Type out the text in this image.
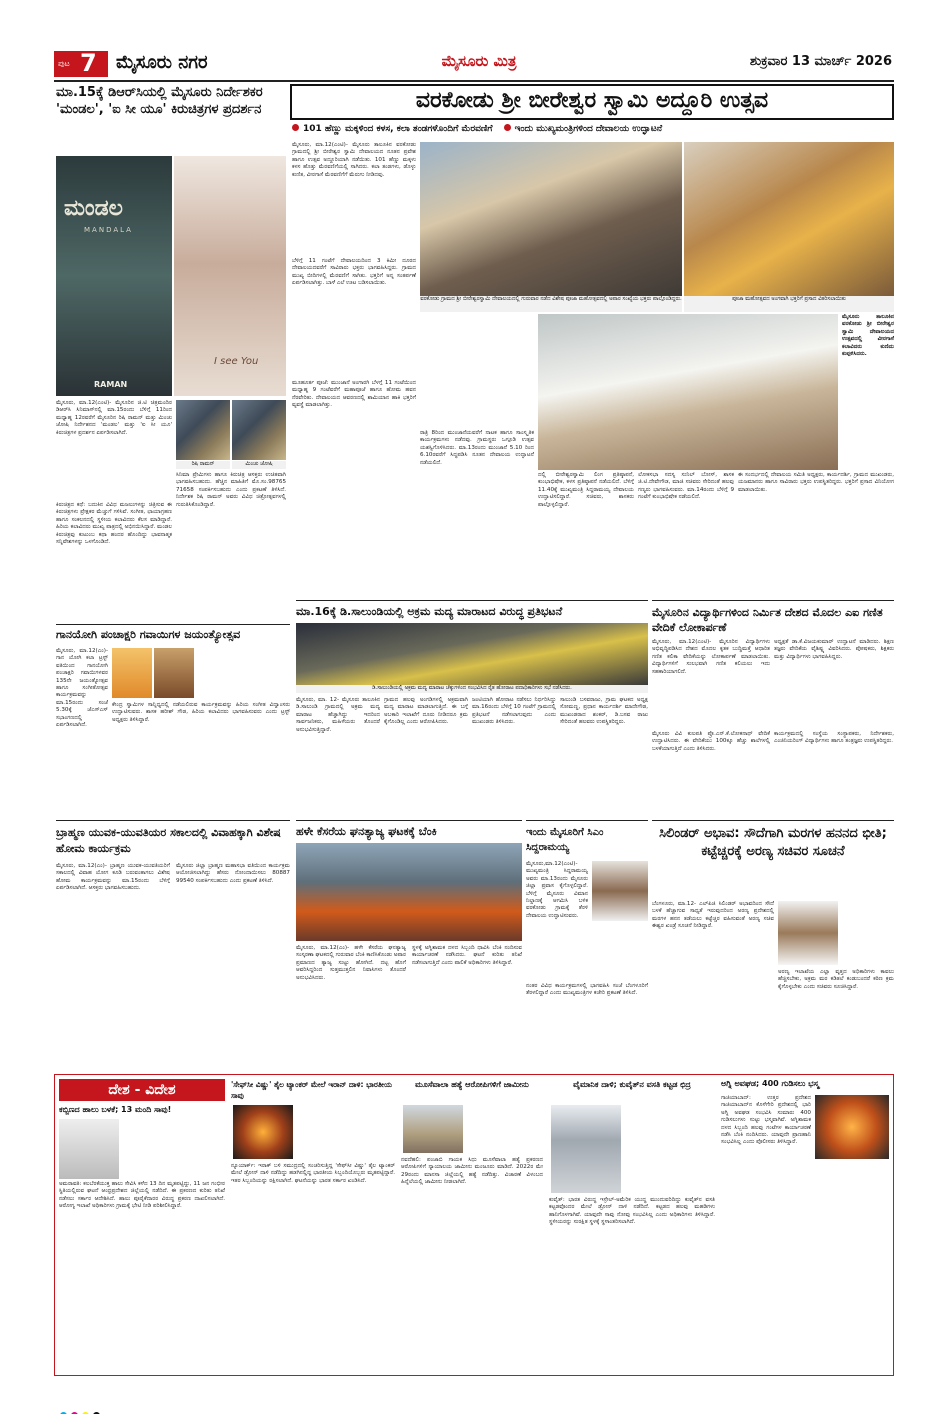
ಪುಟ 7 ಮೈಸೂರು ನಗರ	ಮೈಸೂರು ಮಿತ್ರ	ಶುಕ್ರವಾರ 13 ಮಾರ್ಚ್ 2026
ಮಾ.15ಕ್ಕೆ ಡಿಆರ್‌ಸಿಯಲ್ಲಿ ಮೈಸೂರು ನಿರ್ದೇಶಕರ 'ಮಂಡಲ', 'ಐ ಸೀ ಯೂ' ಕಿರುಚಿತ್ರಗಳ ಪ್ರದರ್ಶನ
ಮಂಡಲ
MANDALA
RAMAN
I see You
ಮೈಸೂರು, ಮಾ.12(ಎಂಟಿ)- ಮೈಸೂರಿನ ಜಿ.ಟಿ ಚಿತ್ರಮಂದಿರ ಡಿಆರ್‌ಸಿ ಸಿನಿಮಾಸ್‌ನಲ್ಲಿ ಮಾ.15ರಂದು ಬೆಳಿಗ್ಗೆ 11ರಿಂದ ಮಧ್ಯಾಹ್ನ 12ರವರೆಗೆ ಮೈಸೂರಿನ ರಿಷಿ ರಾಮನ್ ಮತ್ತು ಮಿಂಚು ಜೋಷಿ ನಿರ್ದೇಶನದ 'ಮಂಡಲ' ಮತ್ತು 'ಐ ಸೀ ಯೂ' ಕಿರುಚಿತ್ರಗಳ ಪ್ರದರ್ಶನ ಏರ್ಪಡಿಸಲಾಗಿದೆ.
ರಿಷಿ ರಾಮನ್	ಮಿಂಚು ಜೋಷಿ
ಸಿನಿಮಾ ಪ್ರೇಮಿಗಳು ಹಾಗೂ ಕಿರುಚಿತ್ರ ಆಸಕ್ತರು ಉಚಿತವಾಗಿ ಭಾಗವಹಿಸಬಹುದು. ಹೆಚ್ಚಿನ ಮಾಹಿತಿಗೆ ಮೊ.ಸಂ.98765 71658 ಸಂಪರ್ಕಿಸಬಹುದು ಎಂದು ಪ್ರಕಟಣೆ ತಿಳಿಸಿದೆ. ನಿರ್ದೇಶಕ ರಿಷಿ ರಾಮನ್ ಅವರು ವಿವಿಧ ಚಿತ್ರೋತ್ಸವಗಳಲ್ಲಿ ಗುರುತಿಸಿಕೊಂಡಿದ್ದಾರೆ.
ಕಿರುಚಿತ್ರದ ಕಥೆ: ಬದುಕಿನ ವಿವಿಧ ಮಜಲುಗಳನ್ನು ಚಿತ್ರಿಸುವ ಈ ಕಿರುಚಿತ್ರಗಳು ಪ್ರೇಕ್ಷಕರ ಮೆಚ್ಚುಗೆ ಗಳಿಸಿವೆ. ಸಂಗೀತ, ಛಾಯಾಗ್ರಹಣ ಹಾಗೂ ಸಂಕಲನದಲ್ಲಿ ಸ್ಥಳೀಯ ಕಲಾವಿದರು ಕೆಲಸ ಮಾಡಿದ್ದಾರೆ. ಹಿರಿಯ ಕಲಾವಿದರು ಮುಖ್ಯ ಪಾತ್ರದಲ್ಲಿ ಅಭಿನಯಿಸಿದ್ದಾರೆ. ಮಂಡಲ ಕಿರುಚಿತ್ರವು ಕುಟುಂಬ ಕಥಾ ಹಂದರ ಹೊಂದಿದ್ದು ಭಾವನಾತ್ಮಕ ಸನ್ನಿವೇಶಗಳನ್ನು ಒಳಗೊಂಡಿದೆ.
ವರಕೋಡು ಶ್ರೀ ಬೀರೇಶ್ವರ ಸ್ವಾಮಿ ಅದ್ದೂರಿ ಉತ್ಸವ
101 ಹೆಣ್ಣು ಮಕ್ಕಳಿಂದ ಕಳಸ, ಕಲಾ ತಂಡಗಳೊಂದಿಗೆ ಮೆರವಣಿಗೆ ಇಂದು ಮುಖ್ಯಮಂತ್ರಿಗಳಿಂದ ದೇವಾಲಯ ಉದ್ಘಾಟನೆ
ಮೈಸೂರು, ಮಾ.12(ಎಂಟಿ)- ಮೈಸೂರು ತಾಲೂಕಿನ ವರಕೋಡು ಗ್ರಾಮದಲ್ಲಿ ಶ್ರೀ ಬೀರೇಶ್ವರ ಸ್ವಾಮಿ ದೇವಾಲಯದ ನೂತನ ಪ್ರವೇಶ ಹಾಗೂ ಉತ್ಸವ ಅದ್ದೂರಿಯಾಗಿ ನಡೆಯಿತು. 101 ಹೆಣ್ಣು ಮಕ್ಕಳು ಕಳಸ ಹೊತ್ತು ಮೆರವಣಿಗೆಯಲ್ಲಿ ಸಾಗಿದರು. ಕಲಾ ತಂಡಗಳು, ಡೊಳ್ಳು ಕುಣಿತ, ವೀರಗಾಸೆ ಮೆರವಣಿಗೆಗೆ ಮೆರುಗು ನೀಡಿದವು.
ಬೆಳಿಗ್ಗೆ 11 ಗಂಟೆಗೆ ದೇವಾಲಯದಿಂದ 3 ಕಿಮೀ ದೂರದ ದೇವಾಲಯದವರೆಗೆ ಸಾವಿರಾರು ಭಕ್ತರು ಭಾಗವಹಿಸಿದ್ದರು. ಗ್ರಾಮದ ಮುಖ್ಯ ಬೀದಿಗಳಲ್ಲಿ ಮೆರವಣಿಗೆ ಸಾಗಿತು. ಭಕ್ತರಿಗೆ ಅನ್ನ ಸಂತರ್ಪಣೆ ಏರ್ಪಡಿಸಲಾಗಿತ್ತು. ಬಾಳೆ ಎಲೆ ಊಟ ಬಡಿಸಲಾಯಿತು.
ಮೂಹೂರ್ತ ಪೂಜೆ: ಮುಂಜಾನೆ ಅಂಗಾರಗಿ ಬೆಳಗ್ಗೆ 11 ಗಂಟೆಯಿಂದ ಮಧ್ಯಾಹ್ನ 9 ಗಂಟೆವರೆಗೆ ಮಹಾಪೂಜೆ ಹಾಗೂ ಹೋಮ ಹವನ ನೆರವೇರಿತು. ದೇವಾಲಯದ ಆವರಣದಲ್ಲಿ ಶಾಮಿಯಾನ ಹಾಕಿ ಭಕ್ತರಿಗೆ ವ್ಯವಸ್ಥೆ ಮಾಡಲಾಗಿತ್ತು.
ರಾತ್ರಿ 8ರಿಂದ ಮುಂಜಾನೆಯವರೆಗೆ ನಾಟಕ ಹಾಗೂ ಸಾಂಸ್ಕೃತಿಕ ಕಾರ್ಯಕ್ರಮಗಳು ನಡೆದವು. ಗ್ರಾಮಸ್ಥರು ಒಗ್ಗೂಡಿ ಉತ್ಸವ ಯಶಸ್ವಿಗೊಳಿಸಿದರು. ಮಾ.13ರಂದು ಮುಂಜಾನೆ 5.10 ರಿಂದ 6.10ರವರೆಗೆ ಸಿದ್ಧಪಡಿಸಿ ನೂತನ ದೇವಾಲಯ ಉದ್ಘಾಟನೆ ನಡೆಯಲಿದೆ.
ವರಕೋಡು ಗ್ರಾಮದ ಶ್ರೀ ಬೀರೇಶ್ವರಸ್ವಾಮಿ ದೇವಾಲಯದಲ್ಲಿ ಗುರುವಾರ ನಡೆದ ವಿಶೇಷ ಪೂಜಾ ಮಹೋತ್ಸವದಲ್ಲಿ ಅಪಾರ ಸಂಖ್ಯೆಯ ಭಕ್ತರು ಪಾಲ್ಗೊಂಡಿದ್ದರು.	ಪೂಜಾ ಮಹೋತ್ಸವದ ಅಂಗವಾಗಿ ಭಕ್ತರಿಗೆ ಪ್ರಸಾದ ವಿತರಿಸಲಾಯಿತು
ಮೈಸೂರು ತಾಲೂಕಿನ ವರಕೋಡು ಶ್ರೀ ಬೀರೇಶ್ವರ ಸ್ವಾಮಿ ದೇವಾಲಯದ ಉತ್ಸವದಲ್ಲಿ ವೀರಗಾಸೆ ಕಲಾವಿದರು ಕುಣಿದು ಕುಪ್ಪಳಿಸಿದರು.
ದಲ್ಲಿ ಬೀರೇಶ್ವರಸ್ವಾಮಿ ಲಿಂಗ ಪ್ರತಿಷ್ಠಾಪನೆ, ಕುಂಭಾಭಿಷೇಕ, ಕಳಸ ಪ್ರತಿಷ್ಠಾಪನೆ ನಡೆಯಲಿದೆ. ಬೆಳಿಗ್ಗೆ 11.40ಕ್ಕೆ ಮುಖ್ಯಮಂತ್ರಿ ಸಿದ್ದರಾಮಯ್ಯ ದೇವಾಲಯ ಉದ್ಘಾಟಿಸಲಿದ್ದಾರೆ. ಸಚಿವರು, ಶಾಸಕರು ಪಾಲ್ಗೊಳ್ಳಲಿದ್ದಾರೆ.
ಲೋಕಸಭಾ ಸದಸ್ಯ ಸುನಿಲ್ ಬೋಸ್, ಶಾಸಕ ಜಿ.ಟಿ.ದೇವೇಗೌಡ, ಮಾಜಿ ಸಚಿವರು ಸೇರಿದಂತೆ ಹಲವು ಗಣ್ಯರು ಭಾಗವಹಿಸುವರು. ಮಾ.14ರಂದು ಬೆಳಿಗ್ಗೆ 9 ಗಂಟೆಗೆ ಕುಂಭಾಭಿಷೇಕ ನಡೆಯಲಿದೆ.
ಈ ಸಂದರ್ಭದಲ್ಲಿ ದೇವಾಲಯ ಸಮಿತಿ ಅಧ್ಯಕ್ಷರು, ಕಾರ್ಯದರ್ಶಿ, ಗ್ರಾಮದ ಮುಖಂಡರು, ಯಜಮಾನರು ಹಾಗೂ ಸಾವಿರಾರು ಭಕ್ತರು ಉಪಸ್ಥಿತರಿದ್ದರು. ಭಕ್ತರಿಗೆ ಪ್ರಸಾದ ವಿನಿಯೋಗ ಮಾಡಲಾಯಿತು.
ಗಾನಯೋಗಿ ಪಂಚಾಕ್ಷರಿ ಗವಾಯಿಗಳ ಜಯಂತ್ಯೋತ್ಸವ
ಮೈಸೂರು, ಮಾ.12(ಎಂ)- ಗಾನ ಯೋಗಿ ಕಲಾ ಟ್ರಸ್ಟ್ ವತಿಯಿಂದ ಗಾನಯೋಗಿ ಪಂಚಾಕ್ಷರಿ ಗವಾಯಿಗಳವರ 135ನೇ ಜಯಂತ್ಯೋತ್ಸವ ಹಾಗೂ ಸಂಗೀತೋತ್ಸವ ಕಾರ್ಯಕ್ರಮವನ್ನು ಮಾ.15ರಂದು ಸಂಜೆ 5.30ಕ್ಕೆ ಜೆಎಸ್‌ಎಸ್ ಸಭಾಂಗಣದಲ್ಲಿ ಏರ್ಪಡಿಸಲಾಗಿದೆ.
ಕೇಂದ್ರ ಸ್ವಾಮಿಗಳ ಸಾನ್ನಿಧ್ಯದಲ್ಲಿ ನಡೆಯಲಿರುವ ಕಾರ್ಯಕ್ರಮವನ್ನು ಹಿರಿಯ ಸಂಗೀತ ವಿದ್ವಾಂಸರು ಉದ್ಘಾಟಿಸುವರು. ಶಾಸಕ ಹರೀಶ್ ಗೌಡ, ಹಿರಿಯ ಕಲಾವಿದರು ಭಾಗವಹಿಸುವರು ಎಂದು ಟ್ರಸ್ಟ್ ಅಧ್ಯಕ್ಷರು ತಿಳಿಸಿದ್ದಾರೆ.
ಮಾ.16ಕ್ಕೆ ಡಿ.ಸಾಲುಂಡಿಯಲ್ಲಿ ಅಕ್ರಮ ಮದ್ಯ ಮಾರಾಟದ ವಿರುದ್ಧ ಪ್ರತಿಭಟನೆ
ಡಿ.ಸಾಲುಂಡಿಯಲ್ಲಿ ಅಕ್ರಮ ಮದ್ಯ ಮಾರಾಟ ಚೆಕ್ಕುಗಳಿಂದ ಸಂಭವಿಸಿದ ರೈತ ಹೋರಾಟ ಪದಾಧಿಕಾರಿಗಳು ಸಭೆ ನಡೆಸಿದರು.
ಮೈಸೂರು, ಮಾ. 12- ಮೈಸೂರು ತಾಲೂಕಿನ ಡಿ.ಸಾಲುಂಡಿ ಗ್ರಾಮದಲ್ಲಿ ಅಕ್ರಮ ಮದ್ಯ ಮಾರಾಟ ಹೆಚ್ಚಾಗಿದ್ದು ಇದರಿಂದ ಸಾರ್ವಜನಿಕರು, ಮಹಿಳೆಯರು ತೊಂದರೆ ಅನುಭವಿಸುತ್ತಿದ್ದಾರೆ.
ಗ್ರಾಮದ ಹಲವು ಅಂಗಡಿಗಳಲ್ಲಿ ಅಕ್ರಮವಾಗಿ ಮದ್ಯ ಮಾರಾಟ ಮಾಡಲಾಗುತ್ತಿದೆ. ಈ ಬಗ್ಗೆ ಅಬಕಾರಿ ಇಲಾಖೆಗೆ ದೂರು ನೀಡಿದರೂ ಕ್ರಮ ಕೈಗೊಂಡಿಲ್ಲ ಎಂದು ಆರೋಪಿಸಿದರು.
ಜಂಟಿಯಾಗಿ ಹೋರಾಟ ನಡೆಸಲು ನಿರ್ಧರಿಸಿದ್ದು ಮಾ.16ರಂದು ಬೆಳಿಗ್ಗೆ 10 ಗಂಟೆಗೆ ಗ್ರಾಮದಲ್ಲಿ ಪ್ರತಿಭಟನೆ ನಡೆಸಲಾಗುವುದು ಎಂದು ಮುಖಂಡರು ತಿಳಿಸಿದರು.
ಸಾಲುಂಡಿ ಬಸವರಾಜು, ಗ್ರಾಮ ಘಟಕದ ಅಧ್ಯಕ್ಷ ಸೋಮಣ್ಣ, ಪ್ರಧಾನ ಕಾರ್ಯದರ್ಶಿ ಮಾದೇಗೌಡ, ಮುಖಂಡರಾದ ಶಂಕರ್, ಡಿ.ಬಸವ ರಾಜು ಸೇರಿದಂತೆ ಹಲವರು ಉಪಸ್ಥಿತರಿದ್ದರು.
ಮೈಸೂರಿನ ವಿದ್ಯಾರ್ಥಿಗಳಿಂದ ನಿರ್ಮಿತ ದೇಶದ ಮೊದಲ ಎಐ ಗಣಿತ ವೇದಿಕೆ ಲೋಕಾರ್ಪಣೆ
ಮೈಸೂರು, ಮಾ.12(ಎಂಟಿ)- ಮೈಸೂರಿನ ವಿದ್ಯಾರ್ಥಿಗಳು ಅಭಿವೃದ್ಧಿಪಡಿಸಿದ ದೇಶದ ಮೊದಲ ಕೃತಕ ಬುದ್ಧಿಮತ್ತೆ ಆಧಾರಿತ ಗಣಿತ ಕಲಿಕಾ ವೇದಿಕೆಯನ್ನು ಲೋಕಾರ್ಪಣೆ ಮಾಡಲಾಯಿತು. ವಿದ್ಯಾರ್ಥಿಗಳಿಗೆ ಸುಲಭವಾಗಿ ಗಣಿತ ಕಲಿಯಲು ಇದು ಸಹಕಾರಿಯಾಗಲಿದೆ.
ಮೈಸೂರು ವಿವಿ ಕುಲಪತಿ ಪ್ರೊ.ಎನ್.ಕೆ.ಲೋಕನಾಥ್ ವೇದಿಕೆ ಉದ್ಘಾಟಿಸಿದರು. ಈ ವೇದಿಕೆಯು 100ಕ್ಕೂ ಹೆಚ್ಚು ಶಾಲೆಗಳಲ್ಲಿ ಬಳಕೆಯಾಗುತ್ತಿದೆ ಎಂದು ತಿಳಿಸಿದರು.
ಅಧ್ಯಕ್ಷತೆ ಡಾ.ಕೆ.ವಿಜಯಕುಮಾರ್ ಉದ್ಘಾಟನೆ ಮಾಡಿದರು. ಶಿಕ್ಷಣ ತಜ್ಞರು ವೇದಿಕೆಯ ವೈಶಿಷ್ಟ್ಯ ವಿವರಿಸಿದರು. ಪೋಷಕರು, ಶಿಕ್ಷಕರು ಮತ್ತು ವಿದ್ಯಾರ್ಥಿಗಳು ಭಾಗವಹಿಸಿದ್ದರು.
ಕಾರ್ಯಕ್ರಮದಲ್ಲಿ ಸಂಸ್ಥೆಯ ಸಂಸ್ಥಾಪಕರು, ನಿರ್ದೇಶಕರು, ಎಂಜಿನಿಯರಿಂಗ್ ವಿದ್ಯಾರ್ಥಿಗಳು ಹಾಗೂ ತಂತ್ರಜ್ಞರು ಉಪಸ್ಥಿತರಿದ್ದರು.
ಬ್ರಾಹ್ಮಣ ಯುವಕ-ಯುವತಿಯರ ಸಕಾಲದಲ್ಲಿ ವಿವಾಹಕ್ಕಾಗಿ ವಿಶೇಷ ಹೋಮ ಕಾರ್ಯಕ್ರಮ
ಮೈಸೂರು, ಮಾ.12(ಎಂ)- ಬ್ರಾಹ್ಮಣ ಯುವಕ-ಯುವತಿಯರಿಗೆ ಸಕಾಲದಲ್ಲಿ ವಿವಾಹ ಯೋಗ ಕೂಡಿ ಬರುವಂತಾಗಲು ವಿಶೇಷ ಹೋಮ ಕಾರ್ಯಕ್ರಮವನ್ನು ಮಾ.15ರಂದು ಬೆಳಿಗ್ಗೆ ಏರ್ಪಡಿಸಲಾಗಿದೆ. ಆಸಕ್ತರು ಭಾಗವಹಿಸಬಹುದು.
ಮೈಸೂರು ಜಿಲ್ಲಾ ಬ್ರಾಹ್ಮಣ ಮಹಾಸಭಾ ವತಿಯಿಂದ ಕಾರ್ಯಕ್ರಮ ಆಯೋಜಿಸಲಾಗಿದ್ದು ಹೆಸರು ನೋಂದಾಯಿಸಲು 80887 99540 ಸಂಪರ್ಕಿಸಬಹುದು ಎಂದು ಪ್ರಕಟಣೆ ತಿಳಿಸಿದೆ.
ಹಳೇ ಕೆಸರೆಯ ಘನತ್ಯಾಜ್ಯ ಘಟಕಕ್ಕೆ ಬೆಂಕಿ
ಮೈಸೂರು, ಮಾ.12(ಎಂ)- ಹಳೇ ಕೆಸರೆಯ ಘನತ್ಯಾಜ್ಯ ಸಂಸ್ಕರಣಾ ಘಟಕದಲ್ಲಿ ಗುರುವಾರ ಬೆಂಕಿ ಕಾಣಿಸಿಕೊಂಡು ಅಪಾರ ಪ್ರಮಾಣದ ತ್ಯಾಜ್ಯ ಸುಟ್ಟು ಹೋಗಿದೆ. ದಟ್ಟ ಹೊಗೆ ಆವರಿಸಿದ್ದರಿಂದ ಸುತ್ತಮುತ್ತಲಿನ ನಿವಾಸಿಗಳು ತೊಂದರೆ ಅನುಭವಿಸಿದರು.
ಸ್ಥಳಕ್ಕೆ ಅಗ್ನಿಶಾಮಕ ದಳದ ಸಿಬ್ಬಂದಿ ಧಾವಿಸಿ ಬೆಂಕಿ ನಂದಿಸುವ ಕಾರ್ಯಾಚರಣೆ ನಡೆಸಿದರು. ಘಟನೆ ಕುರಿತು ತನಿಖೆ ನಡೆಸಲಾಗುತ್ತಿದೆ ಎಂದು ಪಾಲಿಕೆ ಅಧಿಕಾರಿಗಳು ತಿಳಿಸಿದ್ದಾರೆ.
ಇಂದು ಮೈಸೂರಿಗೆ ಸಿಎಂ ಸಿದ್ದರಾಮಯ್ಯ
ಮೈಸೂರು,ಮಾ.12(ಎಂಟಿ)- ಮುಖ್ಯಮಂತ್ರಿ ಸಿದ್ದರಾಮಯ್ಯ ಅವರು ಮಾ.13ರಂದು ಮೈಸೂರು ಜಿಲ್ಲಾ ಪ್ರವಾಸ ಕೈಗೊಳ್ಳಲಿದ್ದಾರೆ. ಬೆಳಿಗ್ಗೆ ಮೈಸೂರು ವಿಮಾನ ನಿಲ್ದಾಣಕ್ಕೆ ಆಗಮಿಸಿ ಬಳಿಕ ವರಕೋಡು ಗ್ರಾಮಕ್ಕೆ ತೆರಳಿ ದೇವಾಲಯ ಉದ್ಘಾಟಿಸುವರು.
ನಂತರ ವಿವಿಧ ಕಾರ್ಯಕ್ರಮಗಳಲ್ಲಿ ಭಾಗವಹಿಸಿ ಸಂಜೆ ಬೆಂಗಳೂರಿಗೆ ತೆರಳಲಿದ್ದಾರೆ ಎಂದು ಮುಖ್ಯಮಂತ್ರಿಗಳ ಕಚೇರಿ ಪ್ರಕಟಣೆ ತಿಳಿಸಿದೆ.
ಸಿಲಿಂಡರ್ ಅಭಾವ: ಸೌದೆಗಾಗಿ ಮರಗಳ ಹನನದ ಭೀತಿ; ಕಟ್ಟೆಚ್ಚರಕ್ಕೆ ಅರಣ್ಯ ಸಚಿವರ ಸೂಚನೆ
ಬೆಂಗಳೂರು, ಮಾ.12- ಎಲ್‌ಪಿಜಿ ಸಿಲಿಂಡರ್ ಅಭಾವದಿಂದ ಸೌದೆ ಬಳಕೆ ಹೆಚ್ಚಾಗುವ ಸಾಧ್ಯತೆ ಇರುವುದರಿಂದ ಅರಣ್ಯ ಪ್ರದೇಶದಲ್ಲಿ ಮರಗಳ ಹನನ ತಡೆಯಲು ಕಟ್ಟೆಚ್ಚರ ವಹಿಸುವಂತೆ ಅರಣ್ಯ ಸಚಿವ ಈಶ್ವರ ಖಂಡ್ರೆ ಸೂಚನೆ ನೀಡಿದ್ದಾರೆ.
ಅರಣ್ಯ ಇಲಾಖೆಯ ಎಲ್ಲಾ ವೃತ್ತದ ಅಧಿಕಾರಿಗಳು ಕಾವಲು ಹೆಚ್ಚಿಸಬೇಕು, ಅಕ್ರಮ ಮರ ಕಡಿತಲೆ ಕಂಡುಬಂದರೆ ಕಠಿಣ ಕ್ರಮ ಕೈಗೊಳ್ಳಬೇಕು ಎಂದು ಸಚಿವರು ಸೂಚಿಸಿದ್ದಾರೆ.
ದೇಶ - ವಿದೇಶ
ಕಬ್ಬಿಣದ ಹಾಲು ಬಳಕೆ; 13 ಮಂದಿ ಸಾವು!
ಅಮರಾವತಿ: ಕಲಬೆರಕೆಯುಕ್ತ ಹಾಲು ಸೇವಿಸಿ ಕಳೆದ 13 ದಿನ ಮೃತಪಟ್ಟಿದ್ದು, 11 ಜನ ಗಂಭೀರ ಸ್ಥಿತಿಯಲ್ಲಿರುವ ಘಟನೆ ಆಂಧ್ರಪ್ರದೇಶದ ಜಿಲ್ಲೆಯಲ್ಲಿ ನಡೆದಿದೆ. ಈ ಪ್ರಕರಣದ ಕುರಿತು ತನಿಖೆ ನಡೆಸಲು ಸರ್ಕಾರ ಆದೇಶಿಸಿದೆ. ಹಾಲು ಪೂರೈಕೆದಾರರ ವಿರುದ್ಧ ಪ್ರಕರಣ ದಾಖಲಿಸಲಾಗಿದೆ. ಆರೋಗ್ಯ ಇಲಾಖೆ ಅಧಿಕಾರಿಗಳು ಗ್ರಾಮಕ್ಕೆ ಭೇಟಿ ನೀಡಿ ಪರಿಶೀಲಿಸಿದ್ದಾರೆ.
'ಸೇಫ್‌ಸೀ ವಿಷ್ಣು' ತೈಲ ಟ್ಯಾಂಕರ್ ಮೇಲೆ ಇರಾನ್ ದಾಳಿ: ಭಾರತೀಯ ಸಾವು
ನ್ಯೂಯಾರ್ಕ್: ಇರಾಕ್ ಬಳಿ ಸಮುದ್ರದಲ್ಲಿ ಸಂಚರಿಸುತ್ತಿದ್ದ 'ಸೇಫ್‌ಸೀ ವಿಷ್ಣು' ತೈಲ ಟ್ಯಾಂಕರ್ ಮೇಲೆ ಡ್ರೋನ್ ದಾಳಿ ನಡೆದಿದ್ದು ಹಡಗಿನಲ್ಲಿದ್ದ ಭಾರತೀಯ ಸಿಬ್ಬಂದಿಯೊಬ್ಬರು ಮೃತಪಟ್ಟಿದ್ದಾರೆ. ಇತರ ಸಿಬ್ಬಂದಿಯನ್ನು ರಕ್ಷಿಸಲಾಗಿದೆ. ಘಟನೆಯನ್ನು ಭಾರತ ಸರ್ಕಾರ ಖಂಡಿಸಿದೆ.
ಮೂಸೆವಾಲಾ ಹತ್ಯೆ ಆರೋಪಿಗಳಿಗೆ ಜಾಮೀನು
ನವದೆಹಲಿ: ಪಂಜಾಬಿ ಗಾಯಕ ಸಿಧು ಮೂಸೆವಾಲಾ ಹತ್ಯೆ ಪ್ರಕರಣದ ಆರೋಪಿಗಳಿಗೆ ನ್ಯಾಯಾಲಯ ಜಾಮೀನು ಮಂಜೂರು ಮಾಡಿದೆ. 2022ರ ಮೇ 29ರಂದು ಮಾನಸಾ ಜಿಲ್ಲೆಯಲ್ಲಿ ಹತ್ಯೆ ನಡೆದಿತ್ತು. ವಿಚಾರಣೆ ವಿಳಂಬದ ಹಿನ್ನೆಲೆಯಲ್ಲಿ ಜಾಮೀನು ನೀಡಲಾಗಿದೆ.
ವೈಮಾನಿಕ ದಾಳಿ; ಕುವೈತ್‌ನ ವಸತಿ ಕಟ್ಟಡ ಛಿದ್ರ
ಕುವೈತ್: ಭಾರತ ವಿರುದ್ಧ ಇಸ್ರೇಲ್-ಅಮೆರಿಕ ಯುದ್ಧ ಮುಂದುವರಿದಿದ್ದು ಕುವೈತ್‌ನ ವಸತಿ ಕಟ್ಟಡವೊಂದರ ಮೇಲೆ ಡ್ರೋನ್ ದಾಳಿ ನಡೆದಿದೆ. ಕಟ್ಟಡದ ಹಲವು ಮಹಡಿಗಳು ಹಾನಿಗೊಳಗಾಗಿವೆ. ಯಾವುದೇ ಸಾವು ನೋವು ಸಂಭವಿಸಿಲ್ಲ ಎಂದು ಅಧಿಕಾರಿಗಳು ತಿಳಿಸಿದ್ದಾರೆ. ಸ್ಥಳೀಯರನ್ನು ಸುರಕ್ಷಿತ ಸ್ಥಳಕ್ಕೆ ಸ್ಥಳಾಂತರಿಸಲಾಗಿದೆ.
ಅಗ್ನಿ ಅವಘಡ; 400 ಗುಡಿಸಲು ಭಸ್ಮ
ಗಾಜಿಯಾಬಾದ್: ಉತ್ತರ ಪ್ರದೇಶದ ಗಾಜಿಯಾಬಾದ್‌ನ ಕೊಳೆಗೇರಿ ಪ್ರದೇಶದಲ್ಲಿ ಭಾರಿ ಅಗ್ನಿ ಅವಘಡ ಸಂಭವಿಸಿ ಸುಮಾರು 400 ಗುಡಿಸಲುಗಳು ಸುಟ್ಟು ಭಸ್ಮವಾಗಿವೆ. ಅಗ್ನಿಶಾಮಕ ದಳದ ಸಿಬ್ಬಂದಿ ಹಲವು ಗಂಟೆಗಳ ಕಾರ್ಯಾಚರಣೆ ನಡೆಸಿ ಬೆಂಕಿ ನಂದಿಸಿದರು. ಯಾವುದೇ ಪ್ರಾಣಹಾನಿ ಸಂಭವಿಸಿಲ್ಲ ಎಂದು ಪೊಲೀಸರು ತಿಳಿಸಿದ್ದಾರೆ.
